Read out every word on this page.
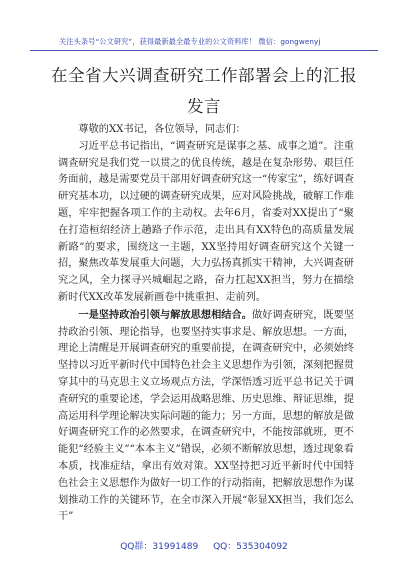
关注头条号“公文研究”，获得最新最全最专业的公文资料库！ 微信：gongwenyj
在全省大兴调查研究工作部署会上的汇报
发言

尊敬的XX书记，各位领导，同志们：

习近平总书记指出，“调查研究是谋事之基、成事之道”。注重调查研究是我们党一以贯之的优良传统，越是在复杂形势、艰巨任务面前，越是需要党员干部用好调查研究这一“传家宝”，练好调查研究基本功，以过硬的调查研究成果，应对风险挑战，破解工作难题，牢牢把握各项工作的主动权。去年6月，省委对XX提出了“聚在打造桓绍经济上趟路子作示范，走出具有XX特色的高质量发展新路”的要求，围绕这一主题，XX坚持用好调查研究这个关键一招，聚焦改革发展重大问题，大力弘扬真抓实干精神，大兴调查研究之风，全力探寻兴城崛起之路，奋力扛起XX担当，努力在描绘新时代XX改革发展新画卷中挑重担、走前列。

一是坚持政治引领与解放思想相结合。做好调查研究，既要坚持政治引领、理论指导，也要坚持实事求是、解放思想。一方面，理论上清醒是开展调查研究的重要前提，在调查研究中，必须始终坚持以习近平新时代中国特色社会主义思想作为引领，深刻把握贯穿其中的马克思主义立场观点方法，学深悟透习近平总书记关于调查研究的重要论述，学会运用战略思维、历史思维、辩证思维，提高运用科学理论解决实际问题的能力；另一方面，思想的解放是做好调查研究工作的必然要求，在调查研究中，不能按部就班，更不能犯“经验主义”“本本主义”错误，必须不断解放思想，透过现象看本质，找准症结，拿出有效对策。XX坚持把习近平新时代中国特色社会主义思想作为做好一切工作的行动指南，把解放思想作为谋划推动工作的关键环节，在全市深入开展“彰显XX担当，我们怎么干”

QQ群：31991489 QQ：535304092
